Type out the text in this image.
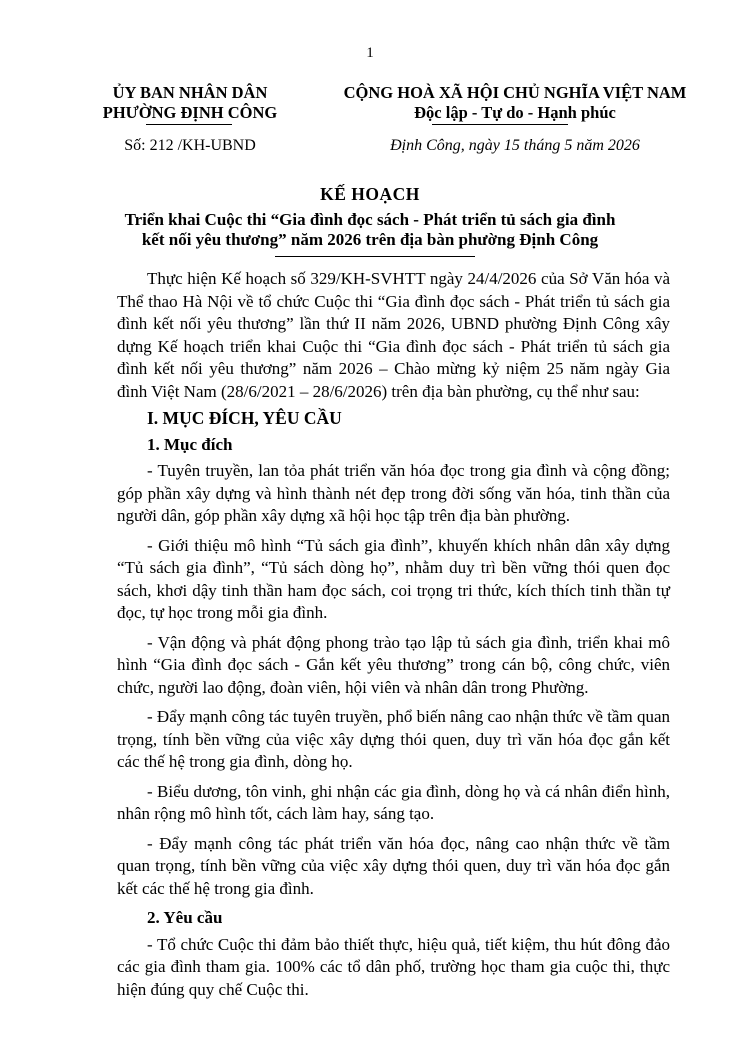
1
ỦY BAN NHÂN DÂN
PHƯỜNG ĐỊNH CÔNG
CỘNG HOÀ XÃ HỘI CHỦ NGHĨA VIỆT NAM
Độc lập - Tự do - Hạnh phúc
Số: 212 /KH-UBND	Định Công, ngày 15 tháng 5 năm 2026
KẾ HOẠCH
Triển khai Cuộc thi “Gia đình đọc sách - Phát triển tủ sách gia đình
kết nối yêu thương” năm 2026 trên địa bàn phường Định Công

Thực hiện Kế hoạch số 329/KH-SVHTT ngày 24/4/2026 của Sở Văn hóa và Thể thao Hà Nội về tổ chức Cuộc thi “Gia đình đọc sách - Phát triển tủ sách gia đình kết nối yêu thương” lần thứ II năm 2026, UBND phường Định Công xây dựng Kế hoạch triển khai Cuộc thi “Gia đình đọc sách - Phát triển tủ sách gia đình kết nối yêu thương” năm 2026 – Chào mừng kỷ niệm 25 năm ngày Gia đình Việt Nam (28/6/2021 – 28/6/2026) trên địa bàn phường, cụ thể như sau:

I. MỤC ĐÍCH, YÊU CẦU

1. Mục đích

- Tuyên truyền, lan tỏa phát triển văn hóa đọc trong gia đình và cộng đồng; góp phần xây dựng và hình thành nét đẹp trong đời sống văn hóa, tinh thần của người dân, góp phần xây dựng xã hội học tập trên địa bàn phường.

- Giới thiệu mô hình “Tủ sách gia đình”, khuyến khích nhân dân xây dựng “Tủ sách gia đình”, “Tủ sách dòng họ”, nhằm duy trì bền vững thói quen đọc sách, khơi dậy tinh thần ham đọc sách, coi trọng tri thức, kích thích tinh thần tự đọc, tự học trong mỗi gia đình.

- Vận động và phát động phong trào tạo lập tủ sách gia đình, triển khai mô hình “Gia đình đọc sách - Gắn kết yêu thương” trong cán bộ, công chức, viên chức, người lao động, đoàn viên, hội viên và nhân dân trong Phường.

- Đẩy mạnh công tác tuyên truyền, phổ biến nâng cao nhận thức về tầm quan trọng, tính bền vững của việc xây dựng thói quen, duy trì văn hóa đọc gắn kết các thế hệ trong gia đình, dòng họ.

- Biểu dương, tôn vinh, ghi nhận các gia đình, dòng họ và cá nhân điển hình, nhân rộng mô hình tốt, cách làm hay, sáng tạo.

- Đẩy mạnh công tác phát triển văn hóa đọc, nâng cao nhận thức về tầm quan trọng, tính bền vững của việc xây dựng thói quen, duy trì văn hóa đọc gắn kết các thế hệ trong gia đình.

2. Yêu cầu

- Tổ chức Cuộc thi đảm bảo thiết thực, hiệu quả, tiết kiệm, thu hút đông đảo các gia đình tham gia. 100% các tổ dân phố, trường học tham gia cuộc thi, thực hiện đúng quy chế Cuộc thi.
